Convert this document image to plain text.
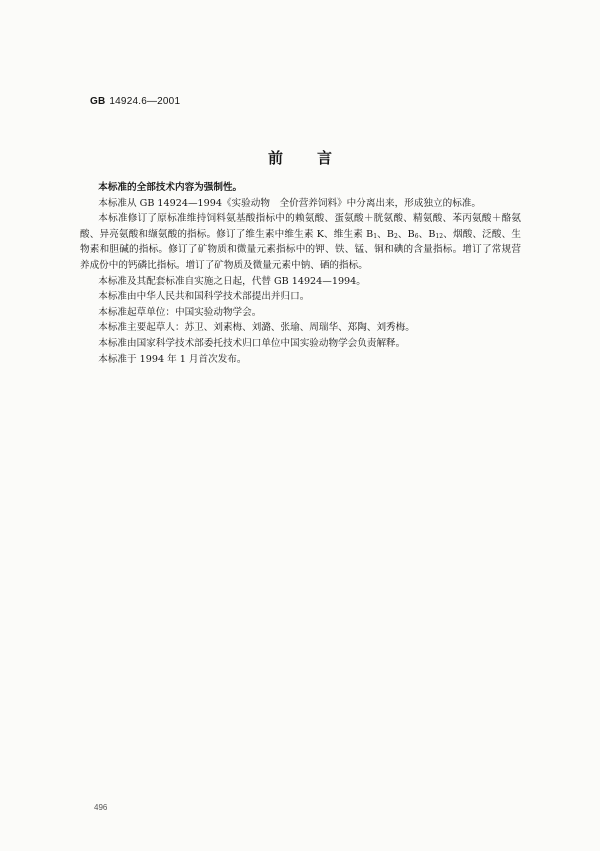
GB 14924.6—2001
前 言

本标准的全部技术内容为强制性。

本标准从 GB 14924—1994《实验动物　全价营养饲料》中分离出来，形成独立的标准。

本标准修订了原标准维持饲料氨基酸指标中的赖氨酸、蛋氨酸＋胱氨酸、精氨酸、苯丙氨酸＋酪氨酸、异亮氨酸和缬氨酸的指标。修订了维生素中维生素 K、维生素 $B_1$、$B_2$、$B_6$、$B_{12}$、烟酸、泛酸、生物素和胆碱的指标。修订了矿物质和微量元素指标中的钾、铁、锰、铜和碘的含量指标。增订了常规营养成份中的钙磷比指标。增订了矿物质及微量元素中钠、硒的指标。

本标准及其配套标准自实施之日起，代替 GB 14924—1994。

本标准由中华人民共和国科学技术部提出并归口。

本标准起草单位：中国实验动物学会。

本标准主要起草人：苏卫、刘素梅、刘潞、张瑜、周瑞华、郑陶、刘秀梅。

本标准由国家科学技术部委托技术归口单位中国实验动物学会负责解释。

本标准于 1994 年 1 月首次发布。

496
